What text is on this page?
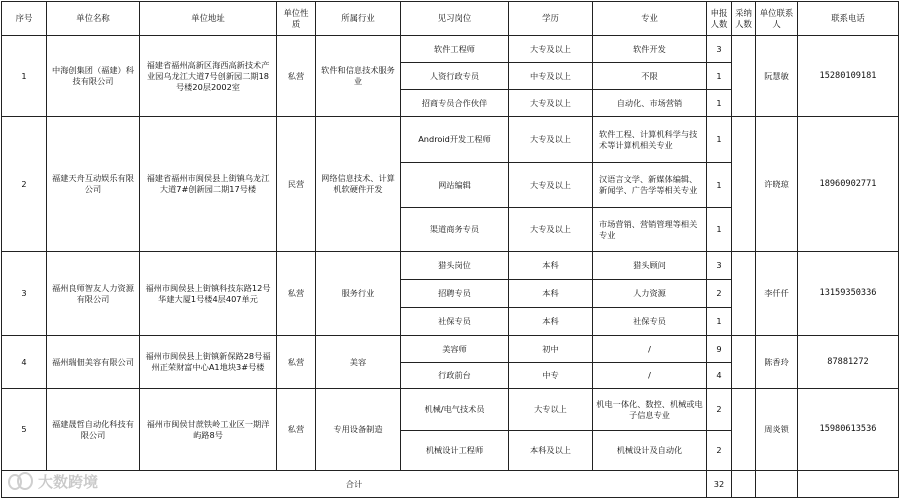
序号	单位名称	单位地址	单位性质	所属行业	见习岗位	学历	专业	申报人数	采纳人数	单位联系人	联系电话
1	中海创集团（福建）科技有限公司	福建省福州高新区海西高新技术产业园乌龙江大道7号创新园二期18号楼20层2002室	私营	软件和信息技术服务业	软件工程师	大专及以上	软件开发	3		阮慧敏	15280109181
					人资行政专员	中专及以上	不限	1			
					招商专员合作伙伴	大专及以上	自动化、市场营销	1			
2	福建天舟互动娱乐有限公司	福建省福州市闽侯县上街镇乌龙江大道7#创新园二期17号楼	民营	网络信息技术、计算机软硬件开发	Android开发工程师	大专及以上	软件工程、计算机科学与技术等计算机相关专业	1		许晓琼	18960902771
					网站编辑	大专及以上	汉语言文学、新媒体编辑、新闻学、广告学等相关专业	1			
					渠道商务专员	大专及以上	市场营销、营销管理等相关专业	1			
3	福州良师智友人力资源有限公司	福州市闽侯县上街镇科技东路12号华建大厦1号楼4层407单元	私营	服务行业	猎头岗位	本科	猎头顾问	3		李仟仟	13159350336
					招聘专员	本科	人力资源	2			
					社保专员	本科	社保专员	1			
4	福州瑞佃美容有限公司	福州市闽侯县上街镇新保路28号福州正荣财富中心A1地块3#号楼	私营	美容	美容师	初中	/	9		陈香玲	87881272
					行政前台	中专	/	4			
5	福建晟哲自动化科技有限公司	福州市闽侯甘蔗铁岭工业区一期洋屿路8号	私营	专用设备制造	机械/电气技术员	大专以上	机电一体化、数控、机械或电子信息专业	2		周炎锁	15980613536
					机械设计工程师	本科及以上	机械设计及自动化	2			
合计								32			
大数跨境
